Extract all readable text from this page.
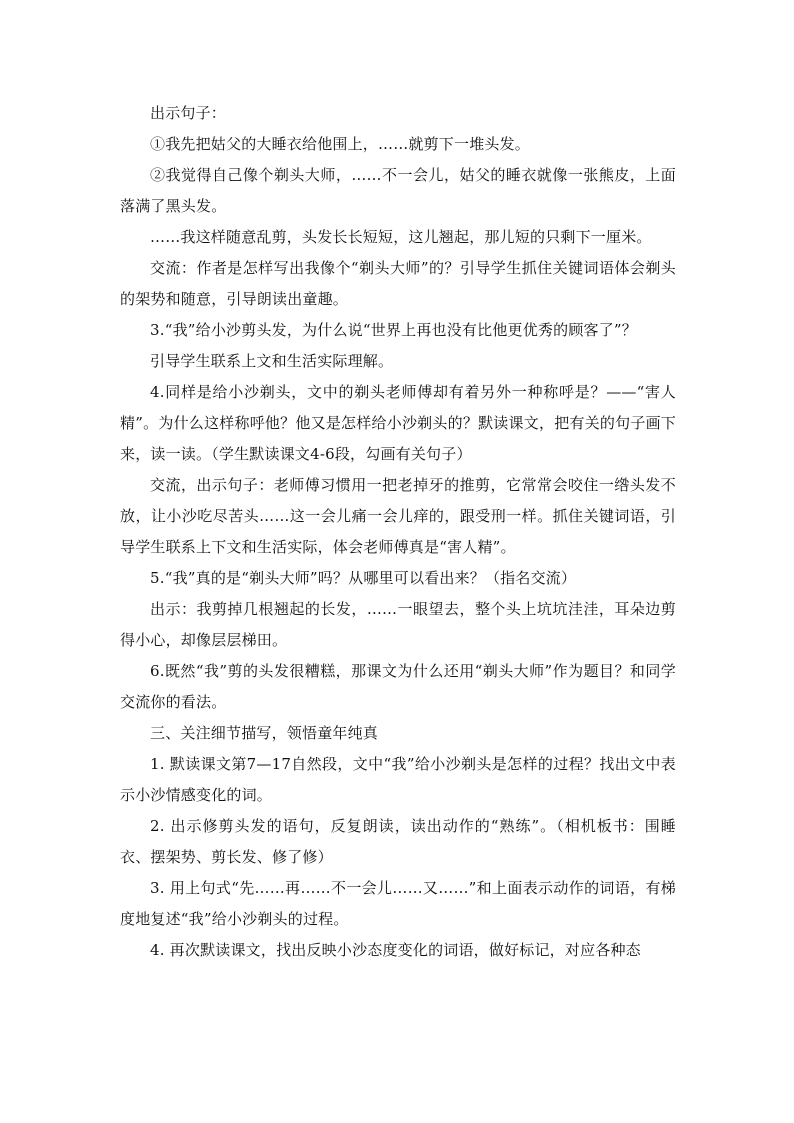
出示句子：

①我先把姑父的大睡衣给他围上，……就剪下一堆头发。

②我觉得自己像个剃头大师，……不一会儿，姑父的睡衣就像一张熊皮，上面落满了黑头发。

……我这样随意乱剪，头发长长短短，这儿翘起，那儿短的只剩下一厘米。

交流：作者是怎样写出我像个“剃头大师”的？引导学生抓住关键词语体会剃头的架势和随意，引导朗读出童趣。

3.“我”给小沙剪头发，为什么说“世界上再也没有比他更优秀的顾客了”？

引导学生联系上文和生活实际理解。

4.同样是给小沙剃头，文中的剃头老师傅却有着另外一种称呼是？——“害人精”。为什么这样称呼他？他又是怎样给小沙剃头的？默读课文，把有关的句子画下来，读一读。（学生默读课文4-6段，勾画有关句子）

交流，出示句子：老师傅习惯用一把老掉牙的推剪，它常常会咬住一绺头发不放，让小沙吃尽苦头……这一会儿痛一会儿痒的，跟受刑一样。抓住关键词语，引导学生联系上下文和生活实际，体会老师傅真是“害人精”。

5.“我”真的是“剃头大师”吗？从哪里可以看出来？（指名交流）

出示：我剪掉几根翘起的长发，……一眼望去，整个头上坑坑洼洼，耳朵边剪得小心，却像层层梯田。

6.既然“我”剪的头发很糟糕，那课文为什么还用“剃头大师”作为题目？和同学交流你的看法。

三、关注细节描写，领悟童年纯真

1. 默读课文第7—17自然段，文中“我”给小沙剃头是怎样的过程？找出文中表示小沙情感变化的词。

2. 出示修剪头发的语句，反复朗读，读出动作的“熟练”。（相机板书：围睡衣、摆架势、剪长发、修了修）

3. 用上句式“先……再……不一会儿……又……”和上面表示动作的词语，有梯度地复述“我”给小沙剃头的过程。

4. 再次默读课文，找出反映小沙态度变化的词语，做好标记，对应各种态
